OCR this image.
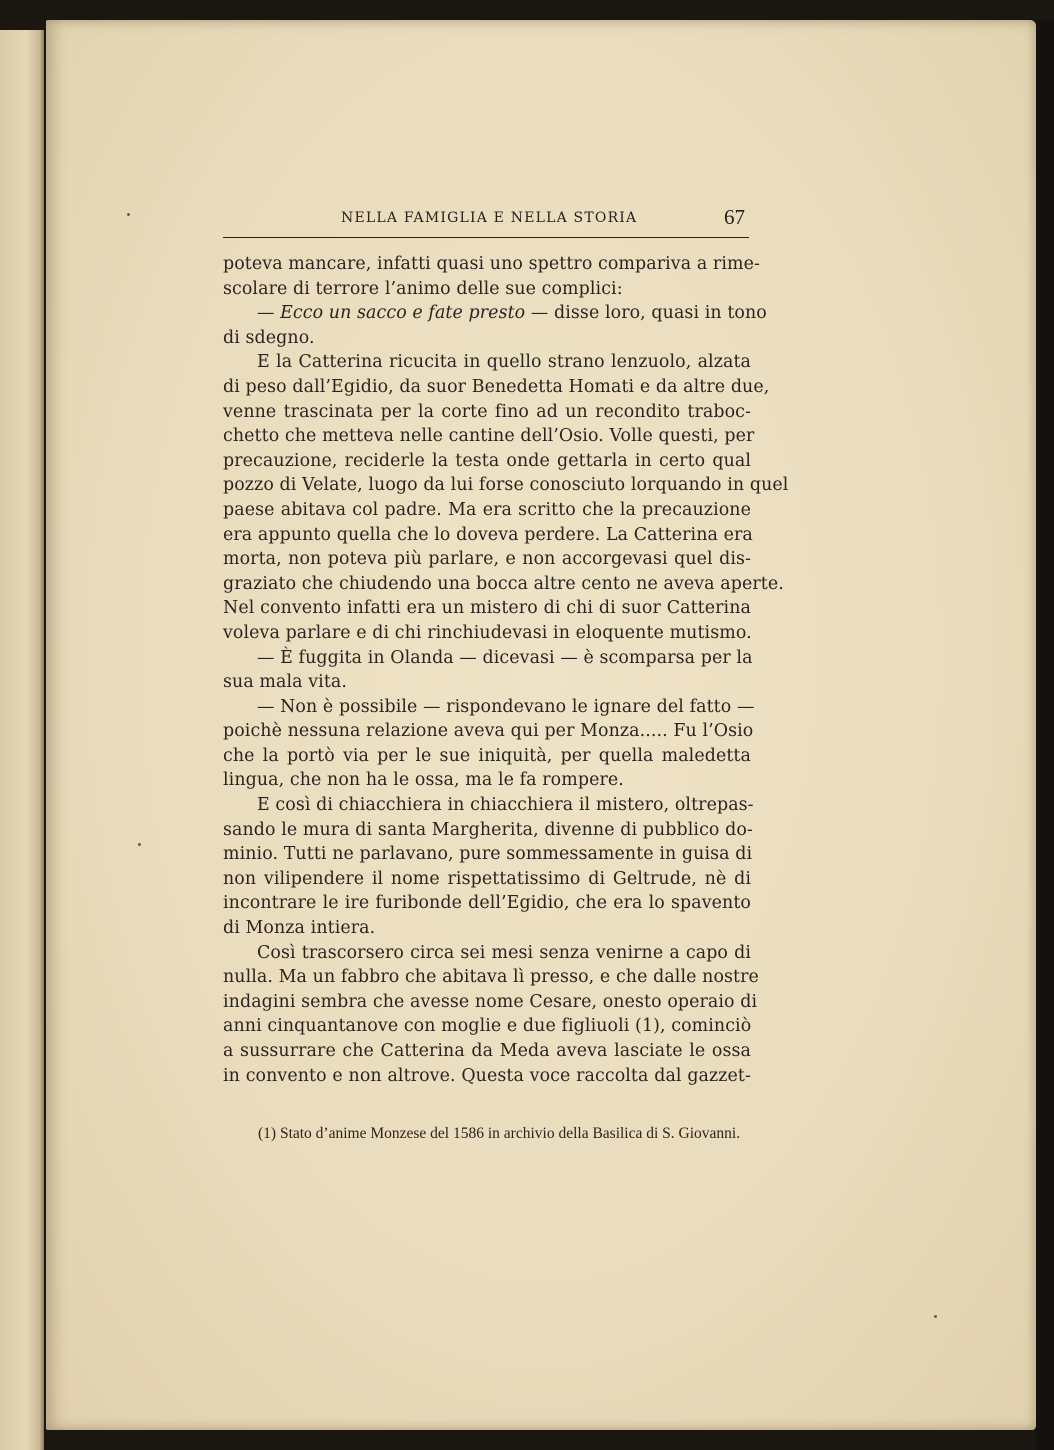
NELLA FAMIGLIA E NELLA STORIA	67
poteva mancare, infatti quasi uno spettro compariva a rime-
scolare di terrore l’animo delle sue complici:
— Ecco un sacco e fate presto — disse loro, quasi in tono
di sdegno.
E la Catterina ricucita in quello strano lenzuolo, alzata
di peso dall’Egidio, da suor Benedetta Homati e da altre due,
venne trascinata per la corte fino ad un recondito traboc-
chetto che metteva nelle cantine dell’Osio. Volle questi, per
precauzione, reciderle la testa onde gettarla in certo qual
pozzo di Velate, luogo da lui forse conosciuto lorquando in quel
paese abitava col padre. Ma era scritto che la precauzione
era appunto quella che lo doveva perdere. La Catterina era
morta, non poteva più parlare, e non accorgevasi quel dis-
graziato che chiudendo una bocca altre cento ne aveva aperte.
Nel convento infatti era un mistero di chi di suor Catterina
voleva parlare e di chi rinchiudevasi in eloquente mutismo.
— È fuggita in Olanda — dicevasi — è scomparsa per la
sua mala vita.
— Non è possibile — rispondevano le ignare del fatto —
poichè nessuna relazione aveva qui per Monza..... Fu l’Osio
che la portò via per le sue iniquità, per quella maledetta
lingua, che non ha le ossa, ma le fa rompere.
E così di chiacchiera in chiacchiera il mistero, oltrepas-
sando le mura di santa Margherita, divenne di pubblico do-
minio. Tutti ne parlavano, pure sommessamente in guisa di
non vilipendere il nome rispettatissimo di Geltrude, nè di
incontrare le ire furibonde dell’Egidio, che era lo spavento
di Monza intiera.
Così trascorsero circa sei mesi senza venirne a capo di
nulla. Ma un fabbro che abitava lì presso, e che dalle nostre
indagini sembra che avesse nome Cesare, onesto operaio di
anni cinquantanove con moglie e due figliuoli (1), cominciò
a sussurrare che Catterina da Meda aveva lasciate le ossa
in convento e non altrove. Questa voce raccolta dal gazzet-
(1) Stato d’anime Monzese del 1586 in archivio della Basilica di S. Giovanni.
